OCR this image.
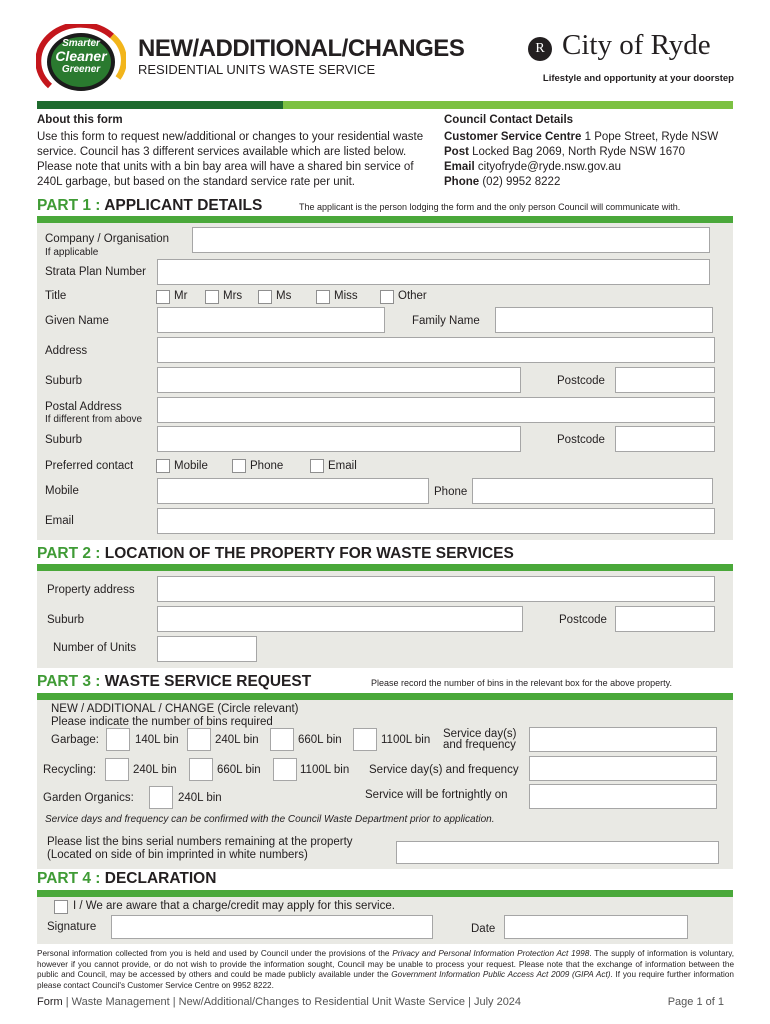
Smarter
Cleaner
Greener
NEW/ADDITIONAL/CHANGES
RESIDENTIAL UNITS WASTE SERVICE
R City of Ryde
Lifestyle and opportunity at your doorstep
About this form
Use this form to request new/additional or changes to your residential waste service. Council has 3 different services available which are listed below. Please note that units with a bin bay area will have a shared bin service of 240L garbage, but based on the standard service rate per unit.
Council Contact Details
Customer Service Centre 1 Pope Street, Ryde NSW
Post Locked Bag 2069, North Ryde NSW 1670
Email cityofryde@ryde.nsw.gov.au
Phone (02) 9952 8222
PART 1 : APPLICANT DETAILS	The applicant is the person lodging the form and the only person Council will communicate with.
Company / Organisation
If applicable
Strata Plan Number
Title	Mr	Mrs	Ms	Miss	Other
Given Name	Family Name
Address
Suburb	Postcode
Postal Address
If different from above
Suburb	Postcode
Preferred contact	Mobile	Phone	Email
Mobile	Phone
Email
PART 2 : LOCATION OF THE PROPERTY FOR WASTE SERVICES
Property address
Suburb	Postcode
Number of Units
PART 3 : WASTE SERVICE REQUEST	Please record the number of bins in the relevant box for the above property.
NEW / ADDITIONAL / CHANGE (Circle relevant)
Please indicate the number of bins required
Garbage:	140L bin	240L bin	660L bin	1100L bin Service day(s)
and frequency
Recycling:	240L bin	660L bin	1100L bin Service day(s) and frequency
Garden Organics:	240L bin	Service will be fortnightly on
Service days and frequency can be confirmed with the Council Waste Department prior to application.
Please list the bins serial numbers remaining at the property
(Located on side of bin imprinted in white numbers)
PART 4 : DECLARATION
I / We are aware that a charge/credit may apply for this service.
Signature	Date
Personal information collected from you is held and used by Council under the provisions of the Privacy and Personal Information Protection Act 1998. The supply of information is voluntary, however if you cannot provide, or do not wish to provide the information sought, Council may be unable to process your request. Please note that the exchange of information between the public and Council, may be accessed by others and could be made publicly available under the Government Information Public Access Act 2009 (GIPA Act). If you require further information please contact Council's Customer Service Centre on 9952 8222.
Form | Waste Management | New/Additional/Changes to Residential Unit Waste Service | July 2024	Page 1 of 1
